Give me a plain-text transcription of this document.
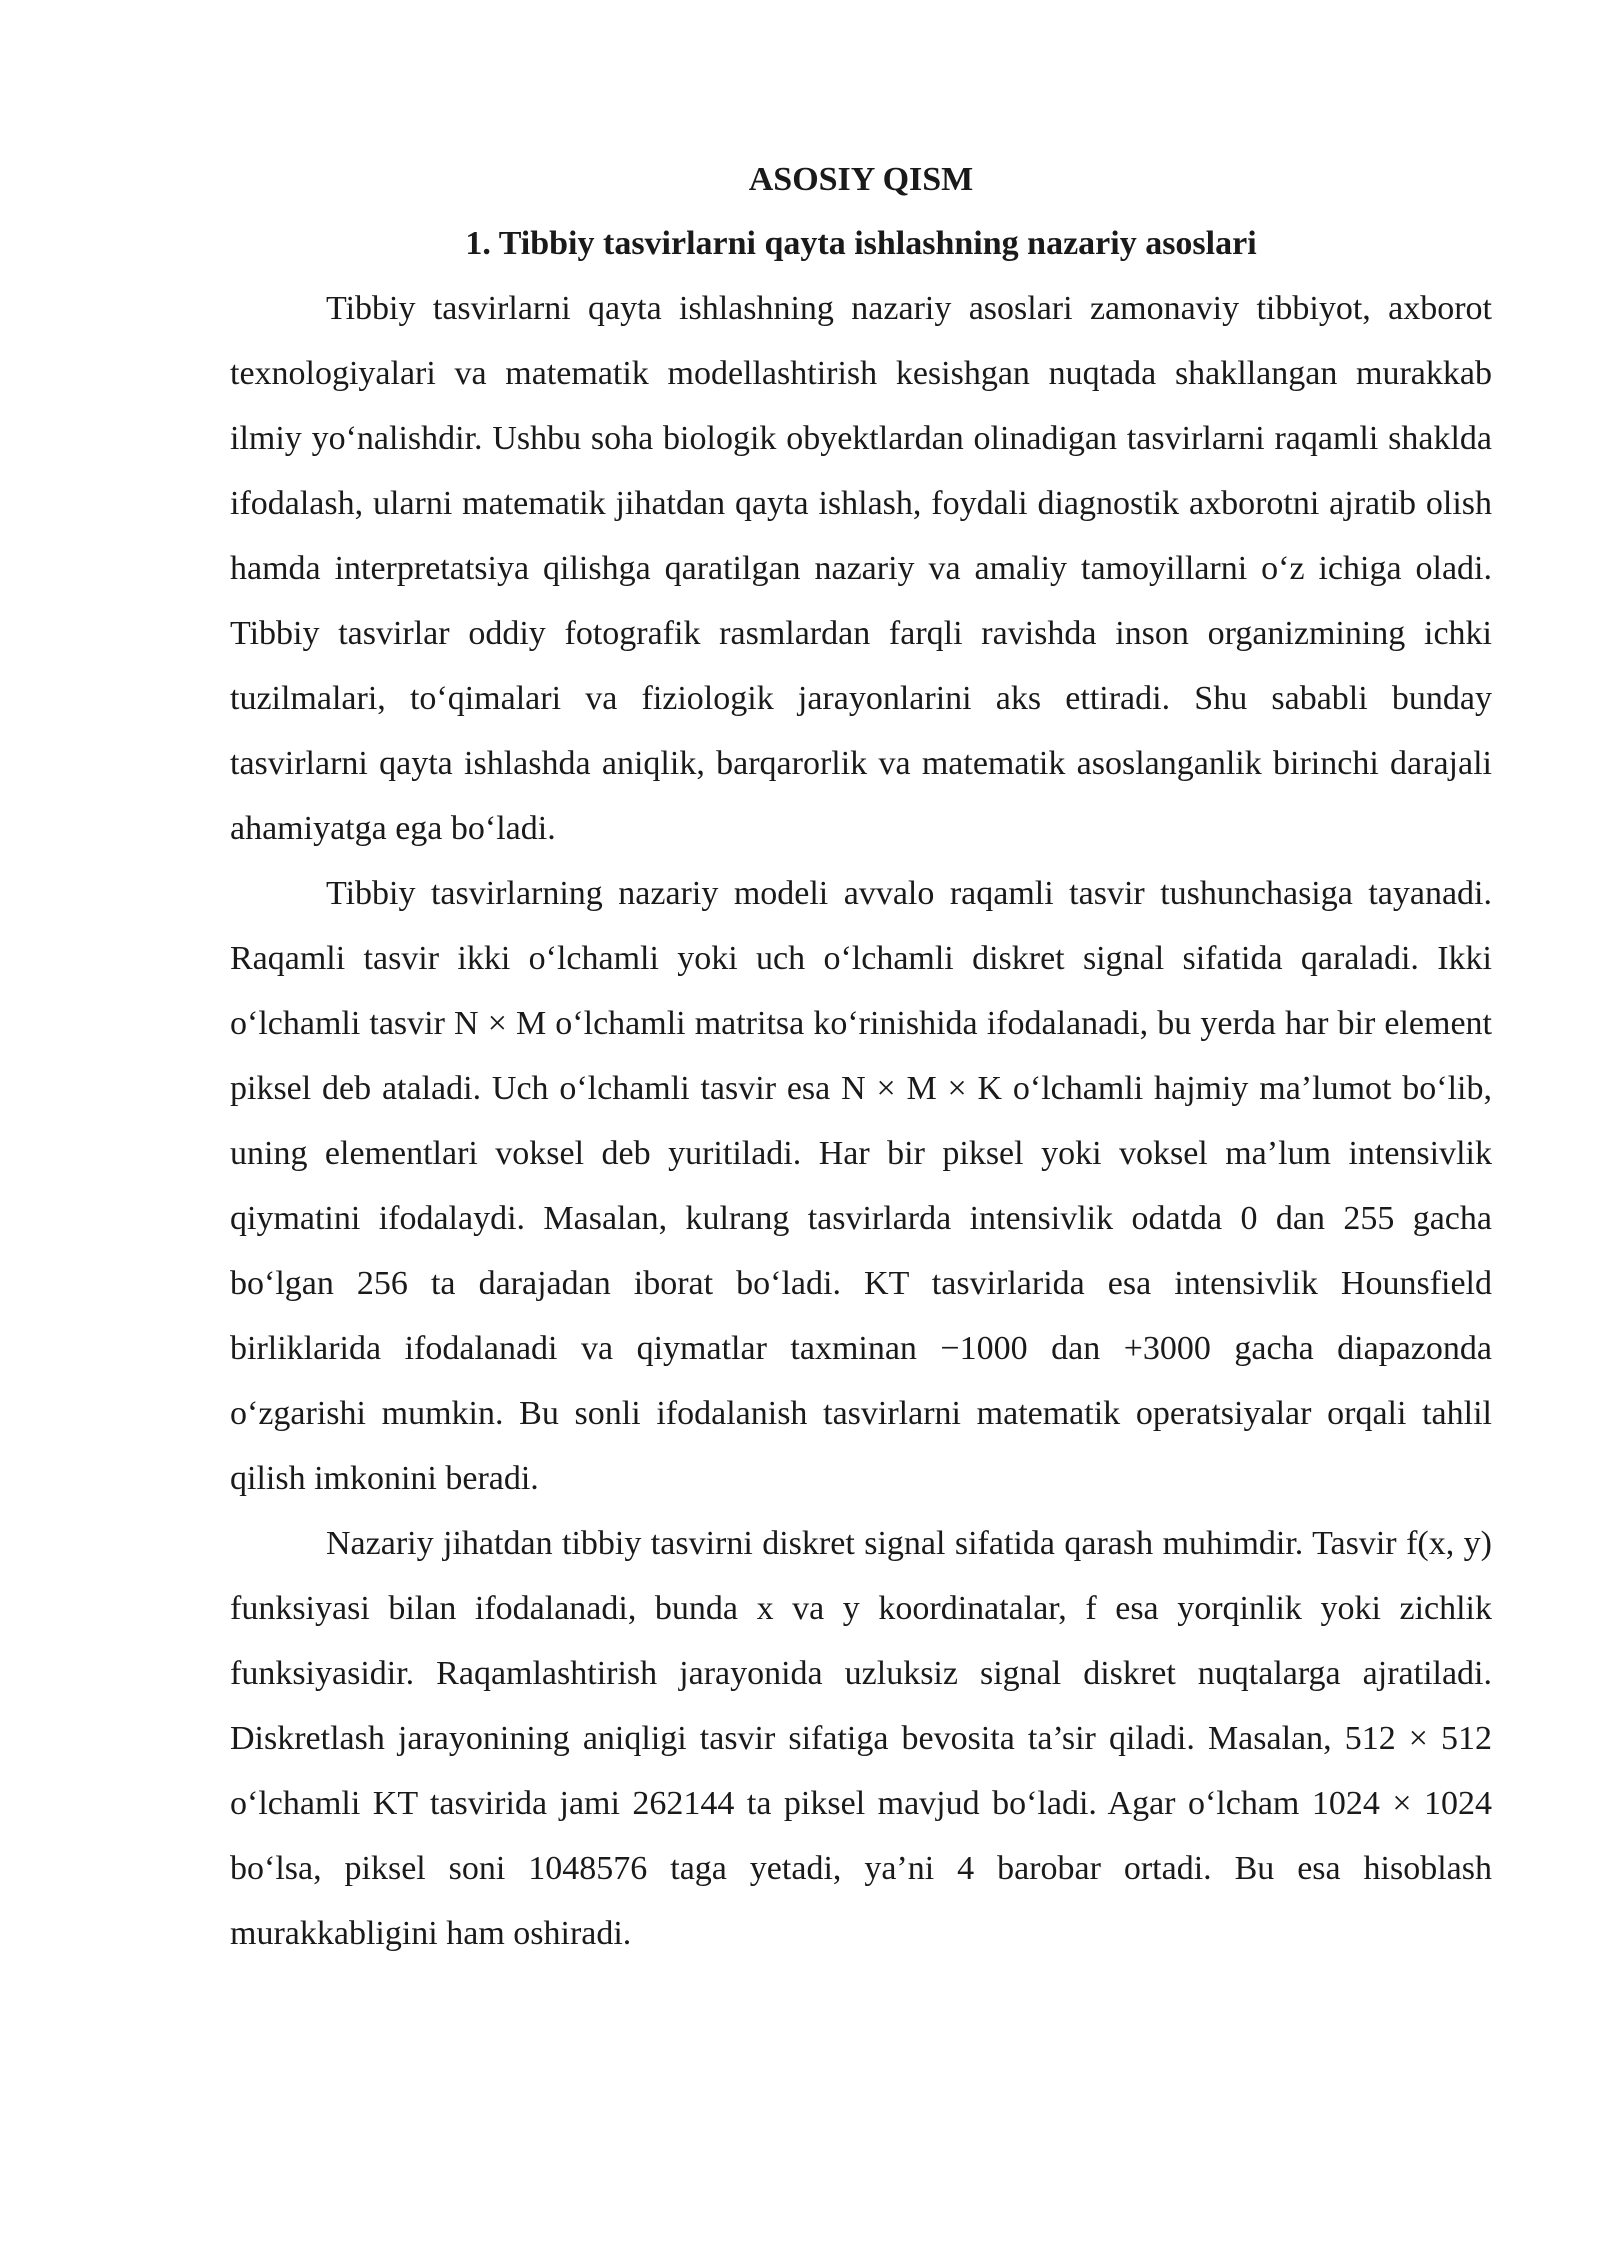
ASOSIY QISM
1. Tibbiy tasvirlarni qayta ishlashning nazariy asoslari

Tibbiy tasvirlarni qayta ishlashning nazariy asoslari zamonaviy tibbiyot, axborot texnologiyalari va matematik modellashtirish kesishgan nuqtada shakllangan murakkab ilmiy yo‘nalishdir. Ushbu soha biologik obyektlardan olinadigan tasvirlarni raqamli shaklda ifodalash, ularni matematik jihatdan qayta ishlash, foydali diagnostik axborotni ajratib olish hamda interpretatsiya qilishga qaratilgan nazariy va amaliy tamoyillarni o‘z ichiga oladi. Tibbiy tasvirlar oddiy fotografik rasmlardan farqli ravishda inson organizmining ichki tuzilmalari, to‘qimalari va fiziologik jarayonlarini aks ettiradi. Shu sababli bunday tasvirlarni qayta ishlashda aniqlik, barqarorlik va matematik asoslanganlik birinchi darajali ahamiyatga ega bo‘ladi.

Tibbiy tasvirlarning nazariy modeli avvalo raqamli tasvir tushunchasiga tayanadi. Raqamli tasvir ikki o‘lchamli yoki uch o‘lchamli diskret signal sifatida qaraladi. Ikki o‘lchamli tasvir N × M o‘lchamli matritsa ko‘rinishida ifodalanadi, bu yerda har bir element piksel deb ataladi. Uch o‘lchamli tasvir esa N × M × K o‘lchamli hajmiy ma’lumot bo‘lib, uning elementlari voksel deb yuritiladi. Har bir piksel yoki voksel ma’lum intensivlik qiymatini ifodalaydi. Masalan, kulrang tasvirlarda intensivlik odatda 0 dan 255 gacha bo‘lgan 256 ta darajadan iborat bo‘ladi. KT tasvirlarida esa intensivlik Hounsfield birliklarida ifodalanadi va qiymatlar taxminan −1000 dan +3000 gacha diapazonda o‘zgarishi mumkin. Bu sonli ifodalanish tasvirlarni matematik operatsiyalar orqali tahlil qilish imkonini beradi.

Nazariy jihatdan tibbiy tasvirni diskret signal sifatida qarash muhimdir. Tasvir f(x, y) funksiyasi bilan ifodalanadi, bunda x va y koordinatalar, f esa yorqinlik yoki zichlik funksiyasidir. Raqamlashtirish jarayonida uzluksiz signal diskret nuqtalarga ajratiladi. Diskretlash jarayonining aniqligi tasvir sifatiga bevosita ta’sir qiladi. Masalan, 512 × 512 o‘lchamli KT tasvirida jami 262144 ta piksel mavjud bo‘ladi. Agar o‘lcham 1024 × 1024 bo‘lsa, piksel soni 1048576 taga yetadi, ya’ni 4 barobar ortadi. Bu esa hisoblash murakkabligini ham oshiradi.
